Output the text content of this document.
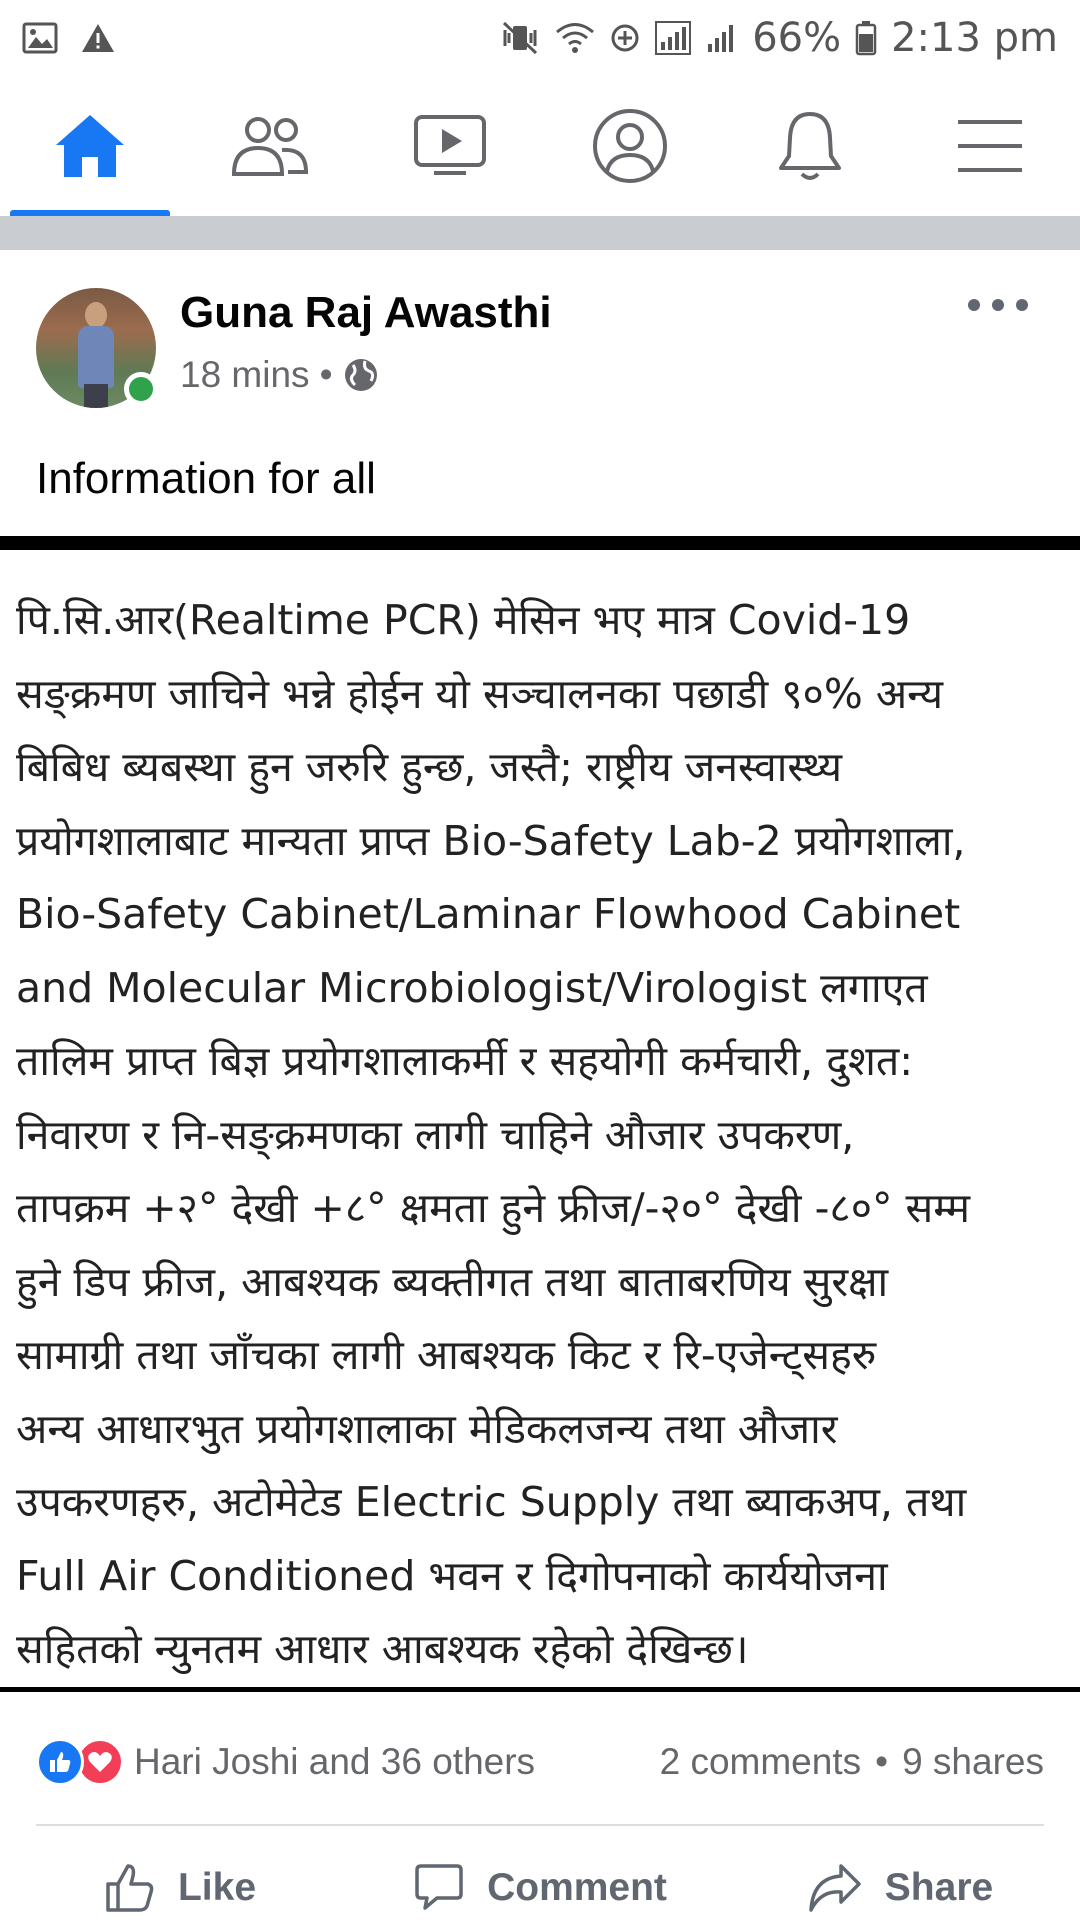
66% 2:13 pm
Guna Raj Awasthi
18 mins •
Information for all
पि.सि.आर(Realtime PCR) मेसिन भए मात्र Covid-19
सङ्क्रमण जाचिने भन्ने होईन यो सञ्चालनका पछाडी ९०% अन्य
बिबिध ब्यबस्था हुन जरुरि हुन्छ, जस्तै; राष्ट्रीय जनस्वास्थ्य
प्रयोगशालाबाट मान्यता प्राप्त Bio-Safety Lab-2 प्रयोगशाला,
Bio-Safety Cabinet/Laminar Flowhood Cabinet
and Molecular Microbiologist/Virologist लगाएत
तालिम प्राप्त बिज्ञ प्रयोगशालाकर्मी र सहयोगी कर्मचारी, दुशत:
निवारण र नि-सङ्क्रमणका लागी चाहिने औजार उपकरण,
तापक्रम +२° देखी +८° क्षमता हुने फ्रीज/-२०° देखी -८०° सम्म
हुने डिप फ्रीज, आबश्यक ब्यक्तीगत तथा बाताबरणिय सुरक्षा
सामाग्री तथा जाँचका लागी आबश्यक किट र रि-एजेन्ट्सहरु
अन्य आधारभुत प्रयोगशालाका मेडिकलजन्य तथा औजार
उपकरणहरु, अटोमेटेड Electric Supply तथा ब्याकअप, तथा
Full Air Conditioned भवन र दिगोपनाको कार्ययोजना
सहितको न्युनतम आधार आबश्यक रहेको देखिन्छ।
Hari Joshi and 36 others	2 comments • 9 shares
Like	Comment	Share
